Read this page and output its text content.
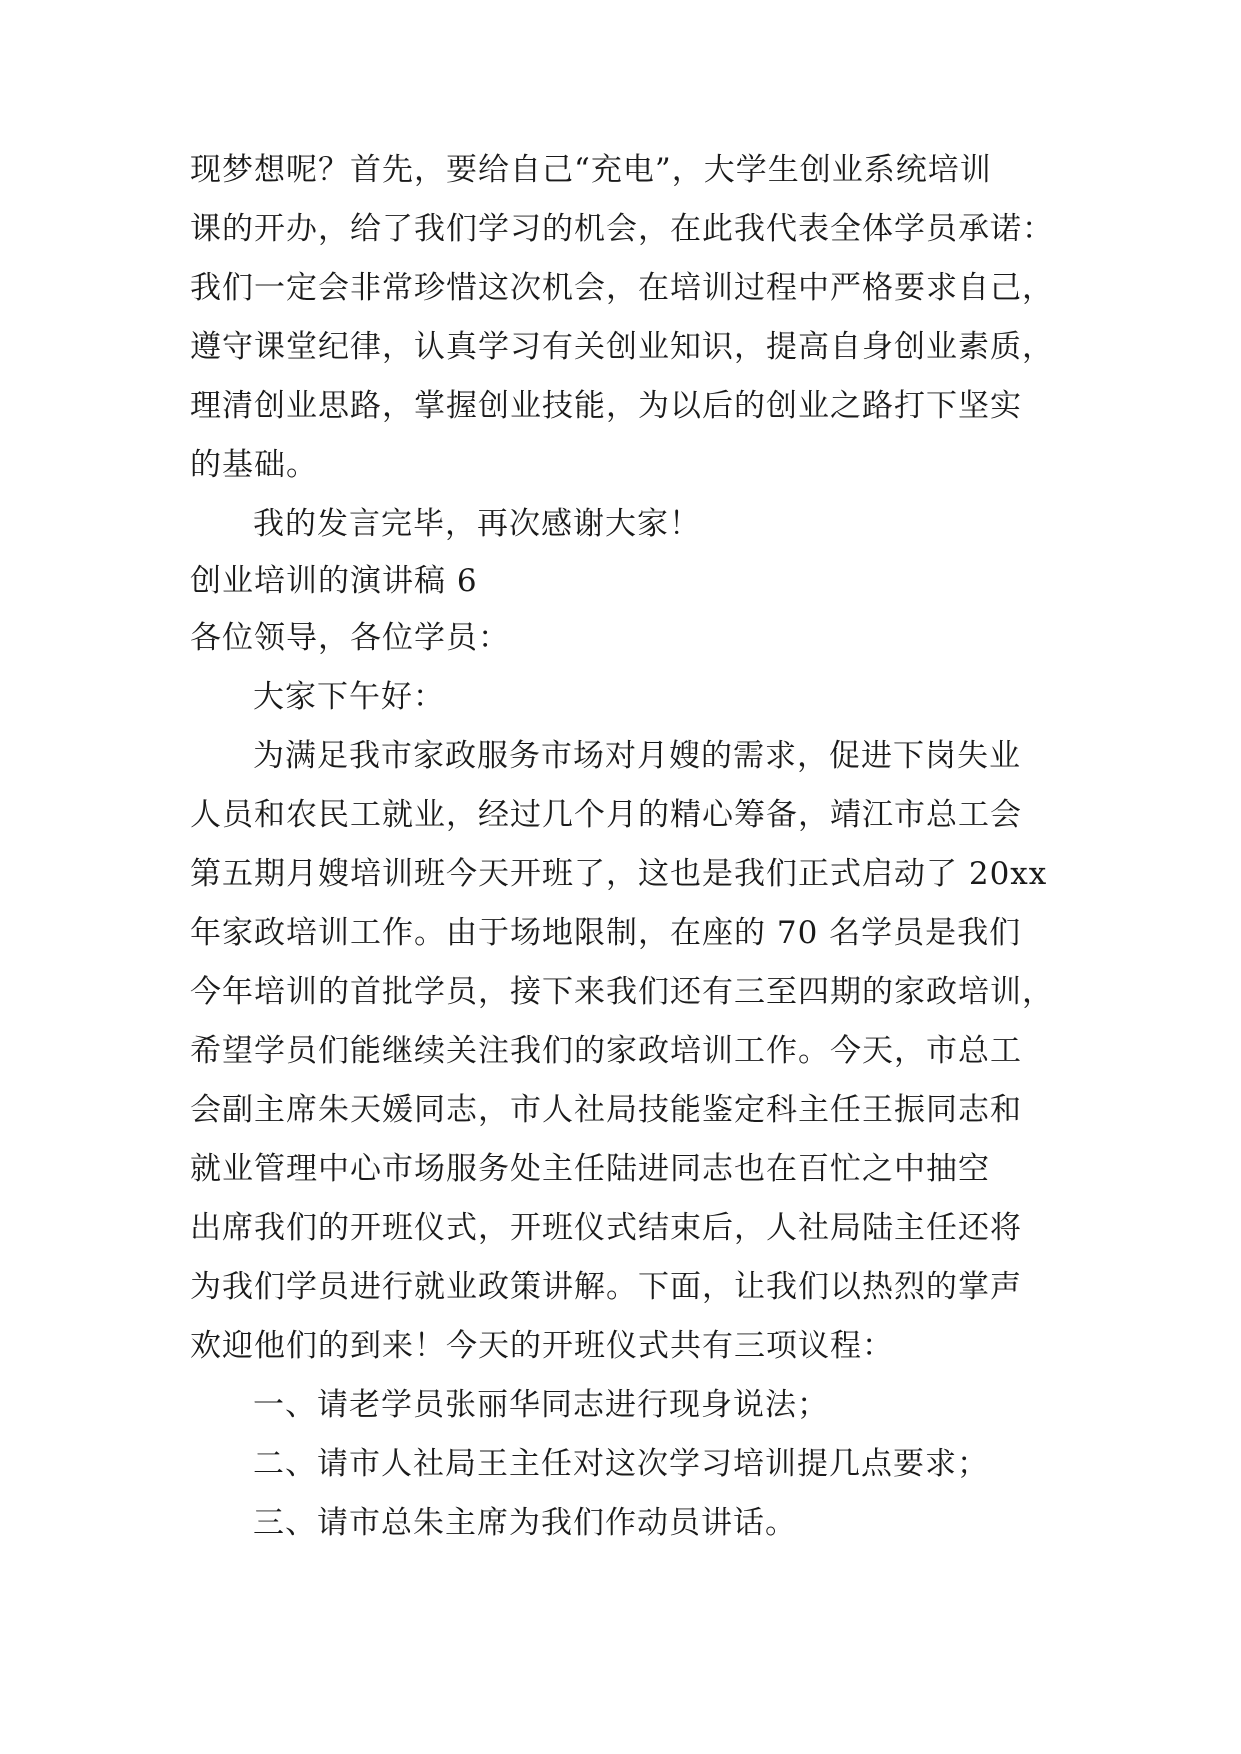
现梦想呢？首先，要给自己“充电”，大学生创业系统培训
课的开办，给了我们学习的机会，在此我代表全体学员承诺：
我们一定会非常珍惜这次机会，在培训过程中严格要求自己，
遵守课堂纪律，认真学习有关创业知识，提高自身创业素质，
理清创业思路，掌握创业技能，为以后的创业之路打下坚实
的基础。
我的发言完毕，再次感谢大家！
创业培训的演讲稿 6
各位领导，各位学员：
大家下午好：
为满足我市家政服务市场对月嫂的需求，促进下岗失业
人员和农民工就业，经过几个月的精心筹备，靖江市总工会
第五期月嫂培训班今天开班了，这也是我们正式启动了 20xx
年家政培训工作。由于场地限制，在座的 70 名学员是我们
今年培训的首批学员，接下来我们还有三至四期的家政培训，
希望学员们能继续关注我们的家政培训工作。今天，市总工
会副主席朱天媛同志，市人社局技能鉴定科主任王振同志和
就业管理中心市场服务处主任陆进同志也在百忙之中抽空
出席我们的开班仪式，开班仪式结束后，人社局陆主任还将
为我们学员进行就业政策讲解。下面，让我们以热烈的掌声
欢迎他们的到来！今天的开班仪式共有三项议程：
一、请老学员张丽华同志进行现身说法；
二、请市人社局王主任对这次学习培训提几点要求；
三、请市总朱主席为我们作动员讲话。
